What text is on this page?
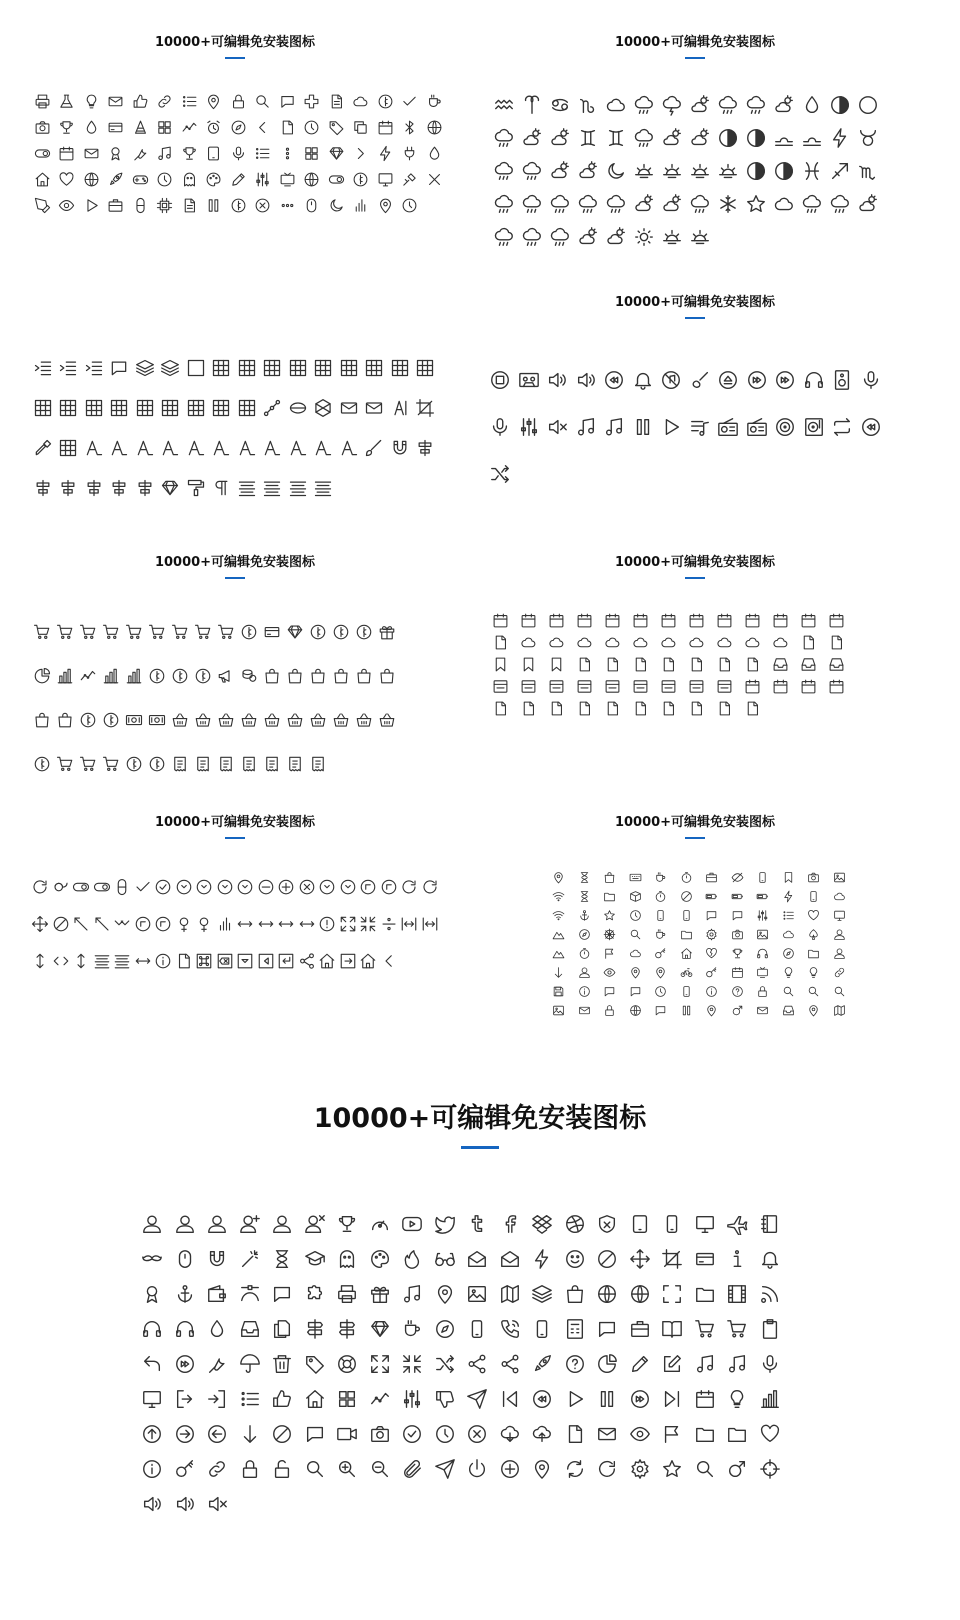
10000+可编辑免安装图标	10000+可编辑免安装图标
10000+可编辑免安装图标
10000+可编辑免安装图标	10000+可编辑免安装图标
10000+可编辑免安装图标	10000+可编辑免安装图标
10000+可编辑免安装图标
